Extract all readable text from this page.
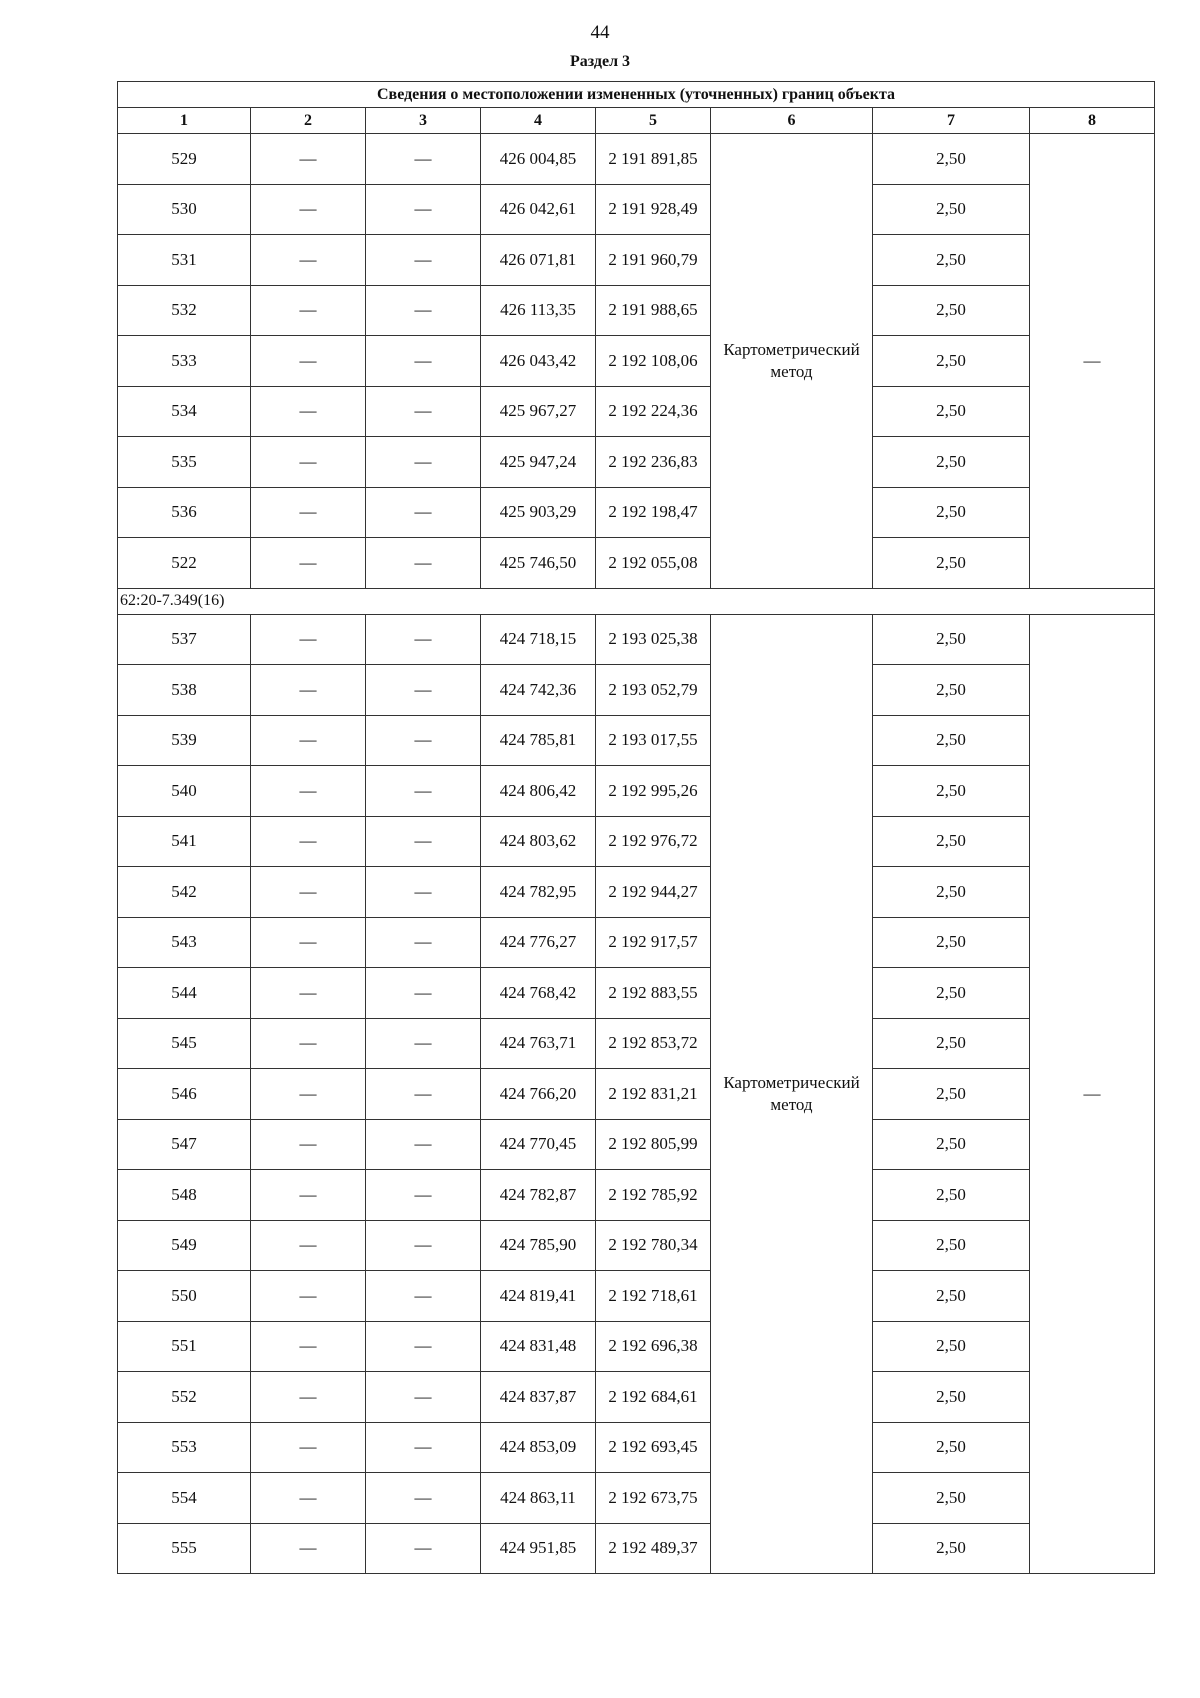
44
Раздел 3
Сведения о местоположении измененных (уточненных) границ объекта							
1	2	3	4	5	6	7	8
529	—	—	426 004,85	2 191 891,85	Картометрический метод	2,50	—
530	—	—	426 042,61	2 191 928,49		2,50	
531	—	—	426 071,81	2 191 960,79		2,50	
532	—	—	426 113,35	2 191 988,65		2,50	
533	—	—	426 043,42	2 192 108,06		2,50	
534	—	—	425 967,27	2 192 224,36		2,50	
535	—	—	425 947,24	2 192 236,83		2,50	
536	—	—	425 903,29	2 192 198,47		2,50	
522	—	—	425 746,50	2 192 055,08		2,50	
62:20-7.349(16)							
537	—	—	424 718,15	2 193 025,38	Картометрический метод	2,50	—
538	—	—	424 742,36	2 193 052,79		2,50	
539	—	—	424 785,81	2 193 017,55		2,50	
540	—	—	424 806,42	2 192 995,26		2,50	
541	—	—	424 803,62	2 192 976,72		2,50	
542	—	—	424 782,95	2 192 944,27		2,50	
543	—	—	424 776,27	2 192 917,57		2,50	
544	—	—	424 768,42	2 192 883,55		2,50	
545	—	—	424 763,71	2 192 853,72		2,50	
546	—	—	424 766,20	2 192 831,21		2,50	
547	—	—	424 770,45	2 192 805,99		2,50	
548	—	—	424 782,87	2 192 785,92		2,50	
549	—	—	424 785,90	2 192 780,34		2,50	
550	—	—	424 819,41	2 192 718,61		2,50	
551	—	—	424 831,48	2 192 696,38		2,50	
552	—	—	424 837,87	2 192 684,61		2,50	
553	—	—	424 853,09	2 192 693,45		2,50	
554	—	—	424 863,11	2 192 673,75		2,50	
555	—	—	424 951,85	2 192 489,37		2,50	
